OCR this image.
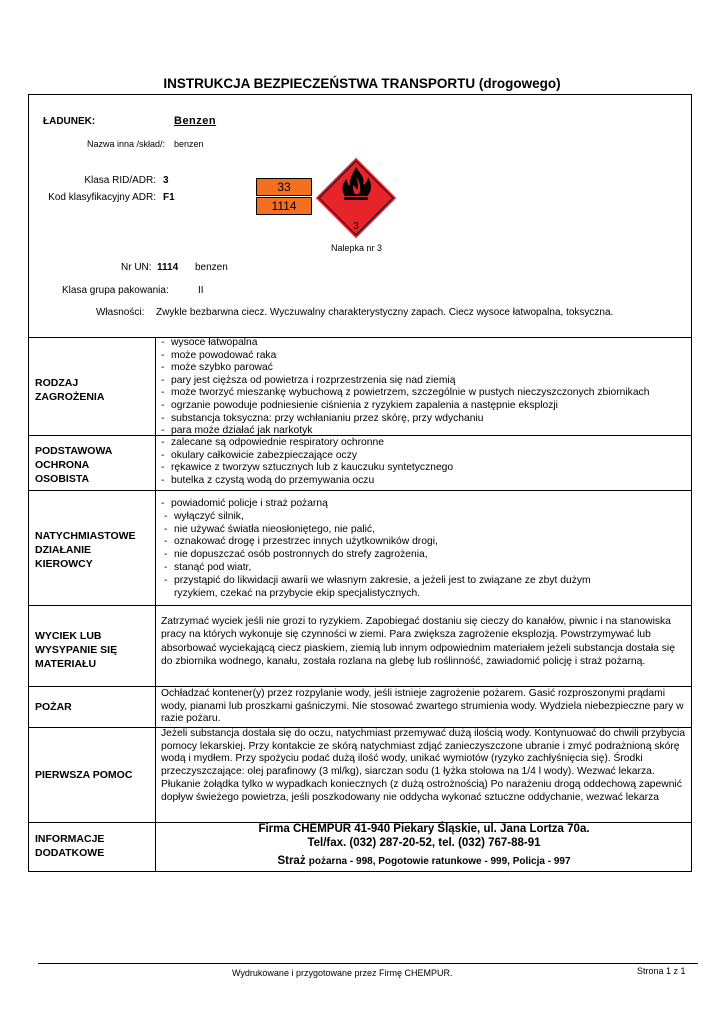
INSTRUKCJA BEZPIECZEŃSTWA TRANSPORTU (drogowego)
ŁADUNEK:	Benzen
Nazwa inna /skład/: benzen
Klasa RID/ADR: 3
Kod klasyfikacyjny ADR: F1
33
1114
3
Nalepka nr 3
Nr UN: 1114 benzen
Klasa grupa pakowania:	II
Własności: Zwykle bezbarwna ciecz. Wyczuwalny charakterystyczny zapach. Ciecz wysoce łatwopalna, toksyczna.
RODZAJ ZAGROŻENIA
- wysoce łatwopalna
- może powodować raka
- może szybko parować
- pary jest cięższa od powietrza i rozprzestrzenia się nad ziemią
- może tworzyć mieszankę wybuchową z powietrzem, szczególnie w pustych nieczyszczonych zbiornikach
- ogrzanie powoduje podniesienie ciśnienia z ryzykiem zapalenia a następnie eksplozji
- substancja toksyczna: przy wchłanianiu przez skórę, przy wdychaniu
- para może działać jak narkotyk
PODSTAWOWA OCHRONA OSOBISTA
- zalecane są odpowiednie respiratory ochronne
- okulary całkowicie zabezpieczające oczy
- rękawice z tworzyw sztucznych lub z kauczuku syntetycznego
- butelka z czystą wodą do przemywania oczu
NATYCHMIASTOWE DZIAŁANIE KIEROWCY
- powiadomić policje i straż pożarną
- wyłączyć silnik,
- nie używać światła nieosłoniętego, nie palić,
- oznakować drogę i przestrzec innych użytkowników drogi,
- nie dopuszczać osób postronnych do strefy zagrożenia,
- stanąć pod wiatr,
- przystąpić do likwidacji awarii we własnym zakresie, a jeżeli jest to związane ze zbyt dużym
ryzykiem, czekać na przybycie ekip specjalistycznych.
WYCIEK LUB WYSYPANIE SIĘ MATERIAŁU
Zatrzymać wyciek jeśli nie grozi to ryzykiem. Zapobiegać dostaniu się cieczy do kanałów, piwnic i na stanowiska pracy na których wykonuje się czynności w ziemi. Para zwiększa zagrożenie eksplozją. Powstrzymywać lub absorbować wyciekającą ciecz piaskiem, ziemią lub innym odpowiednim materiałem jeżeli substancja dostała się do zbiornika wodnego, kanału, została rozlana na glebę lub roślinność, zawiadomić policję i straż pożarną.
POŻAR
Ochładzać kontener(y) przez rozpylanie wody, jeśli istnieje zagrożenie pożarem. Gasić rozproszonymi prądami wody, pianami lub proszkami gaśniczymi. Nie stosować zwartego strumienia wody. Wydziela niebezpieczne pary w razie pożaru.
PIERWSZA POMOC
Jeżeli substancja dostała się do oczu, natychmiast przemywać dużą ilością wody. Kontynuować do chwili przybycia pomocy lekarskiej. Przy kontakcie ze skórą natychmiast zdjąć zanieczyszczone ubranie i zmyć podrażnioną skórę wodą i mydłem. Przy spożyciu podać dużą ilość wody, unikać wymiotów (ryzyko zachłyśnięcia się). Środki przeczyszczające: olej parafinowy (3 ml/kg), siarczan sodu (1 łyżka stołowa na 1/4 l wody). Wezwać lekarza. Płukanie żołądka tylko w wypadkach koniecznych (z dużą ostrożnością) Po narażeniu drogą oddechową zapewnić dopływ świeżego powietrza, jeśli poszkodowany nie oddycha wykonać sztuczne oddychanie, wezwać lekarza
INFORMACJE DODATKOWE
Firma CHEMPUR 41-940 Piekary Śląskie, ul. Jana Lortza 70a.
Tel/fax. (032) 287-20-52, tel. (032) 767-88-91
Straż pożarna - 998, Pogotowie ratunkowe - 999, Policja - 997
Wydrukowane i przygotowane przez Firmę CHEMPUR.	Strona 1 z 1
